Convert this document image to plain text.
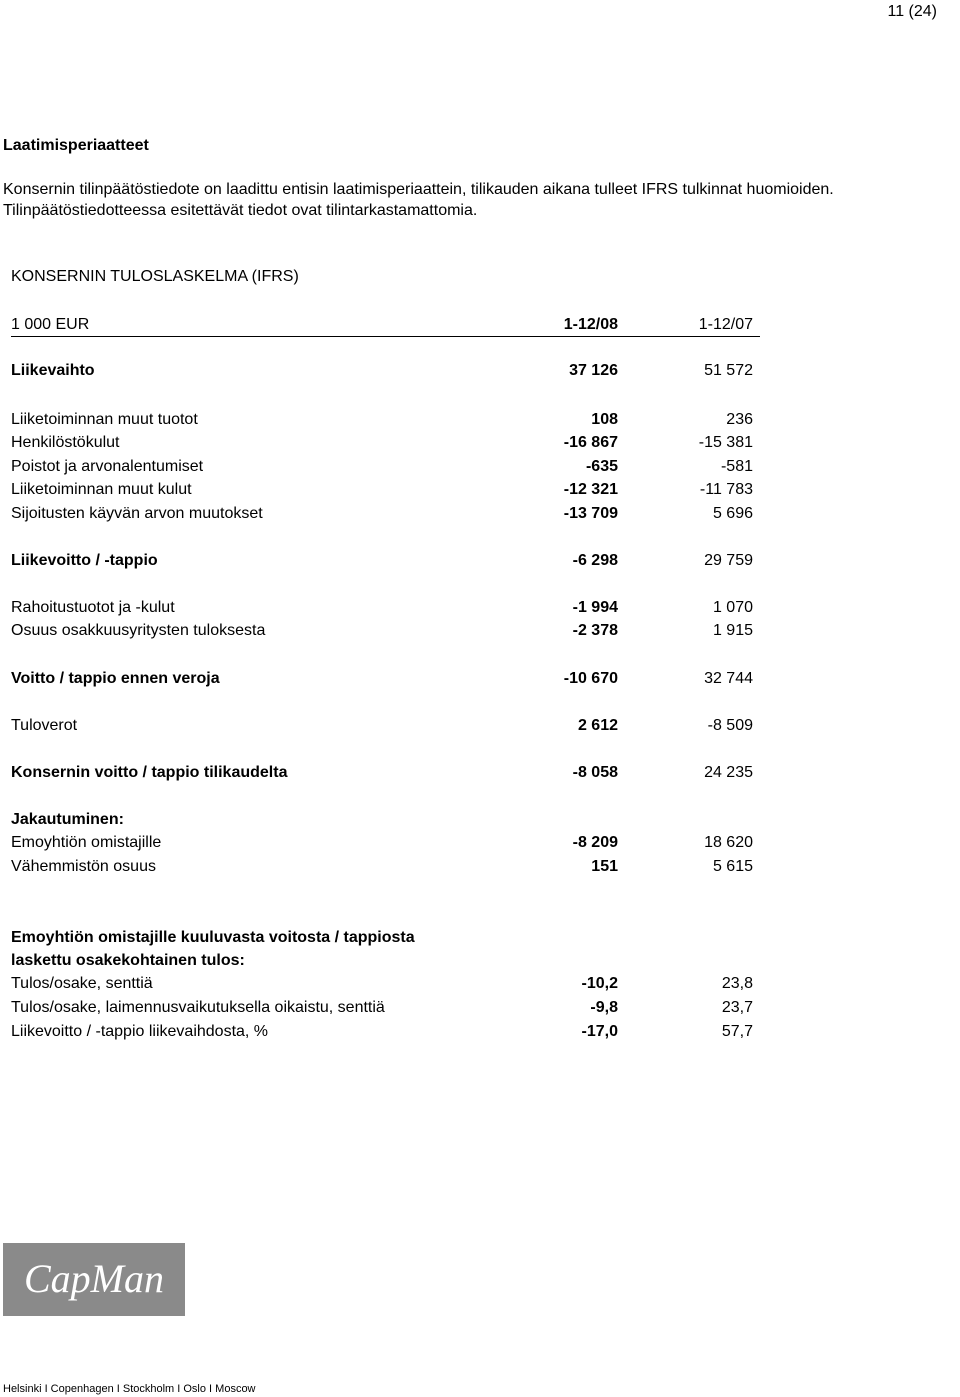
11 (24)
Laatimisperiaatteet

Konsernin tilinpäätöstiedote on laadittu entisin laatimisperiaattein, tilikauden aikana tulleet IFRS tulkinnat huomioiden.

Tilinpäätöstiedotteessa esitettävät tiedot ovat tilintarkastamattomia.

KONSERNIN TULOSLASKELMA (IFRS)
1 000 EUR	1-12/08	1-12/07
Liikevaihto	37 126	51 572
Liiketoiminnan muut tuotot	108	236
Henkilöstökulut	-16 867	-15 381
Poistot ja arvonalentumiset	-635	-581
Liiketoiminnan muut kulut	-12 321	-11 783
Sijoitusten käyvän arvon muutokset	-13 709	5 696
Liikevoitto / -tappio	-6 298	29 759
Rahoitustuotot ja -kulut	-1 994	1 070
Osuus osakkuusyritysten tuloksesta	-2 378	1 915
Voitto / tappio ennen veroja	-10 670	32 744
Tuloverot	2 612	-8 509
Konsernin voitto / tappio tilikaudelta	-8 058	24 235
Jakautuminen:
Emoyhtiön omistajille	-8 209	18 620
Vähemmistön osuus	151	5 615
Emoyhtiön omistajille kuuluvasta voitosta / tappiosta
laskettu osakekohtainen tulos:
Tulos/osake, senttiä	-10,2	23,8
Tulos/osake, laimennusvaikutuksella oikaistu, senttiä	-9,8	23,7
Liikevoitto / -tappio liikevaihdosta, %	-17,0	57,7
CapMan
Helsinki I Copenhagen I Stockholm I Oslo I Moscow
